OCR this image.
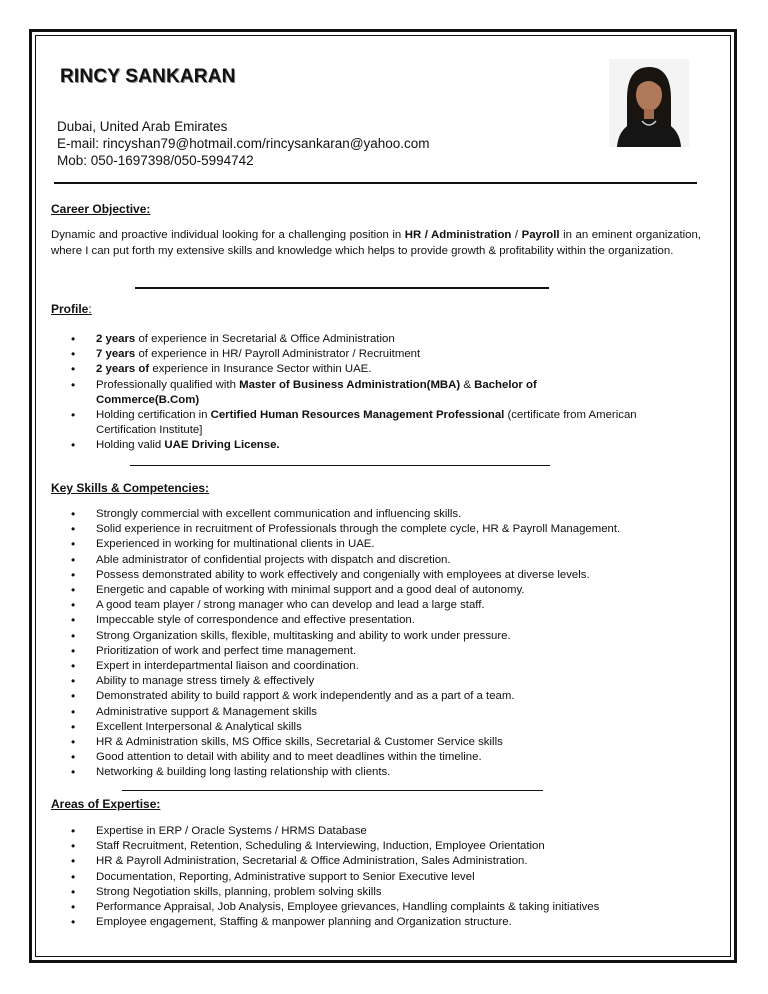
RINCY SANKARAN
Dubai, United Arab Emirates
E-mail: rincyshan79@hotmail.com/rincysankaran@yahoo.com
Mob: 050-1697398/050-5994742
Career Objective:

Dynamic and proactive individual looking for a challenging position in HR / Administration / Payroll in an eminent organization, where I can put forth my extensive skills and knowledge which helps to provide growth & profitability within the organization.

Profile:
• 2 years of experience in Secretarial & Office Administration
• 7 years of experience in HR/ Payroll Administrator / Recruitment
• 2 years of experience in Insurance Sector within UAE.
• Professionally qualified with Master of Business Administration(MBA) & Bachelor of Commerce(B.Com)
• Holding certification in Certified Human Resources Management Professional (certificate from American Certification Institute]
• Holding valid UAE Driving License.
Key Skills & Competencies:
• Strongly commercial with excellent communication and influencing skills.
• Solid experience in recruitment of Professionals through the complete cycle, HR & Payroll Management.
• Experienced in working for multinational clients in UAE.
• Able administrator of confidential projects with dispatch and discretion.
• Possess demonstrated ability to work effectively and congenially with employees at diverse levels.
• Energetic and capable of working with minimal support and a good deal of autonomy.
• A good team player / strong manager who can develop and lead a large staff.
• Impeccable style of correspondence and effective presentation.
• Strong Organization skills, flexible, multitasking and ability to work under pressure.
• Prioritization of work and perfect time management.
• Expert in interdepartmental liaison and coordination.
• Ability to manage stress timely & effectively
• Demonstrated ability to build rapport & work independently and as a part of a team.
• Administrative support & Management skills
• Excellent Interpersonal & Analytical skills
• HR & Administration skills, MS Office skills, Secretarial & Customer Service skills
• Good attention to detail with ability and to meet deadlines within the timeline.
• Networking & building long lasting relationship with clients.
Areas of Expertise:
• Expertise in ERP / Oracle Systems / HRMS Database
• Staff Recruitment, Retention, Scheduling & Interviewing, Induction, Employee Orientation
• HR & Payroll Administration, Secretarial & Office Administration, Sales Administration.
• Documentation, Reporting, Administrative support to Senior Executive level
• Strong Negotiation skills, planning, problem solving skills
• Performance Appraisal, Job Analysis, Employee grievances, Handling complaints & taking initiatives
• Employee engagement, Staffing & manpower planning and Organization structure.
